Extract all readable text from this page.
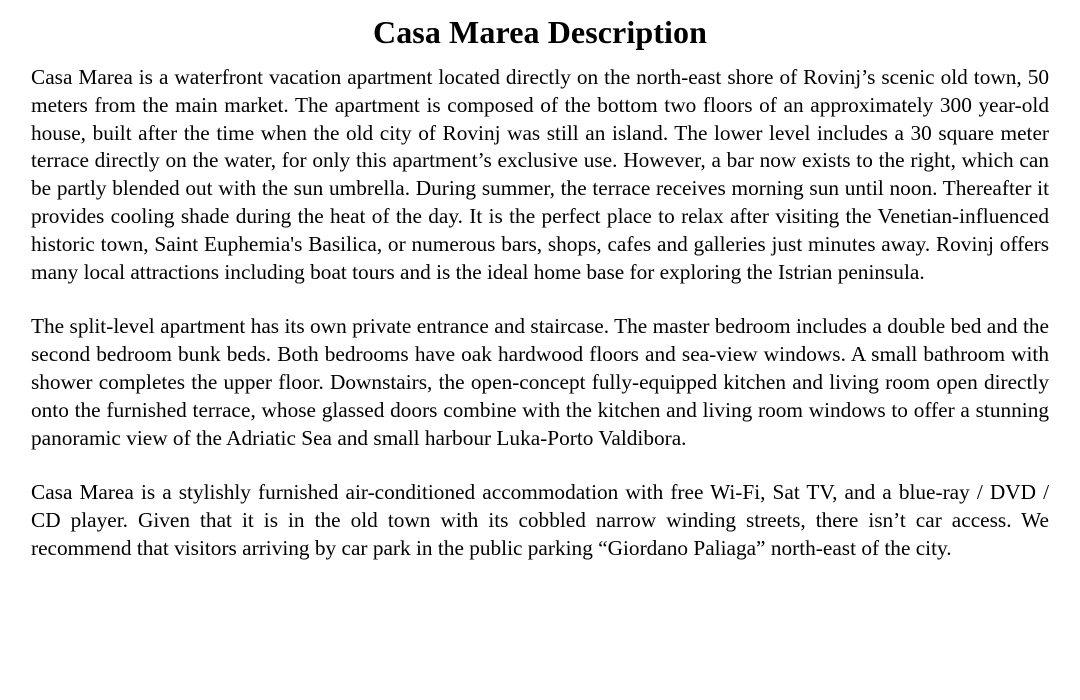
Casa Marea Description

Casa Marea is a waterfront vacation apartment located directly on the north-east shore of Rovinj’s scenic old town, 50 meters from the main market. The apartment is composed of the bottom two floors of an approximately 300 year-old house, built after the time when the old city of Rovinj was still an island. The lower level includes a 30 square meter terrace directly on the water, for only this apartment’s exclusive use. However, a bar now exists to the right, which can be partly blended out with the sun umbrella. During summer, the terrace receives morning sun until noon. Thereafter it provides cooling shade during the heat of the day. It is the perfect place to relax after visiting the Venetian-influenced historic town, Saint Euphemia's Basilica, or numerous bars, shops, cafes and galleries just minutes away. Rovinj offers many local attractions including boat tours and is the ideal home base for exploring the Istrian peninsula.

The split-level apartment has its own private entrance and staircase. The master bedroom includes a double bed and the second bedroom bunk beds. Both bedrooms have oak hardwood floors and sea-view windows. A small bathroom with shower completes the upper floor. Downstairs, the open-concept fully-equipped kitchen and living room open directly onto the furnished terrace, whose glassed doors combine with the kitchen and living room windows to offer a stunning panoramic view of the Adriatic Sea and small harbour Luka-Porto Valdibora.

Casa Marea is a stylishly furnished air-conditioned accommodation with free Wi-Fi, Sat TV, and a blue-ray / DVD / CD player. Given that it is in the old town with its cobbled narrow winding streets, there isn’t car access. We recommend that visitors arriving by car park in the public parking “Giordano Paliaga” north-east of the city.
